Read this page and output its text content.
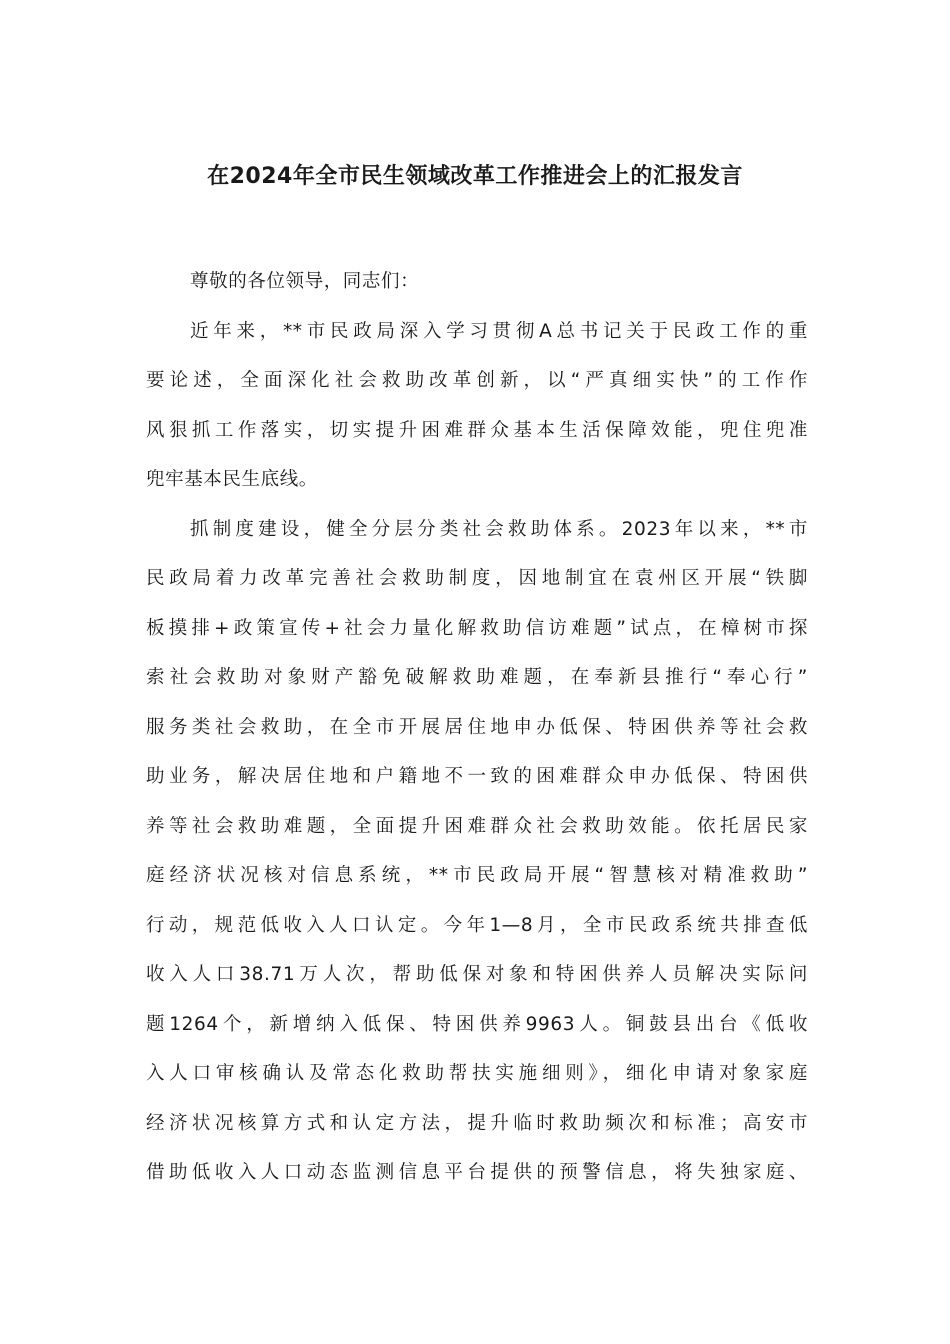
在2024年全市民生领域改革工作推进会上的汇报发言
尊敬的各位领导，同志们：
近年来，**市民政局深入学习贯彻A总书记关于民政工作的重
要论述，全面深化社会救助改革创新，以“严真细实快”的工作作
风狠抓工作落实，切实提升困难群众基本生活保障效能，兜住兜准
兜牢基本民生底线。
抓制度建设，健全分层分类社会救助体系。2023年以来，**市
民政局着力改革完善社会救助制度，因地制宜在袁州区开展“铁脚
板摸排+政策宣传+社会力量化解救助信访难题”试点，在樟树市探
索社会救助对象财产豁免破解救助难题，在奉新县推行“奉心行”
服务类社会救助，在全市开展居住地申办低保、特困供养等社会救
助业务，解决居住地和户籍地不一致的困难群众申办低保、特困供
养等社会救助难题，全面提升困难群众社会救助效能。依托居民家
庭经济状况核对信息系统，**市民政局开展“智慧核对精准救助”
行动，规范低收入人口认定。今年1—8月，全市民政系统共排查低
收入人口38.71万人次，帮助低保对象和特困供养人员解决实际问
题1264个，新增纳入低保、特困供养9963人。铜鼓县出台《低收
入人口审核确认及常态化救助帮扶实施细则》，细化申请对象家庭
经济状况核算方式和认定方法，提升临时救助频次和标准；高安市
借助低收入人口动态监测信息平台提供的预警信息，将失独家庭、
